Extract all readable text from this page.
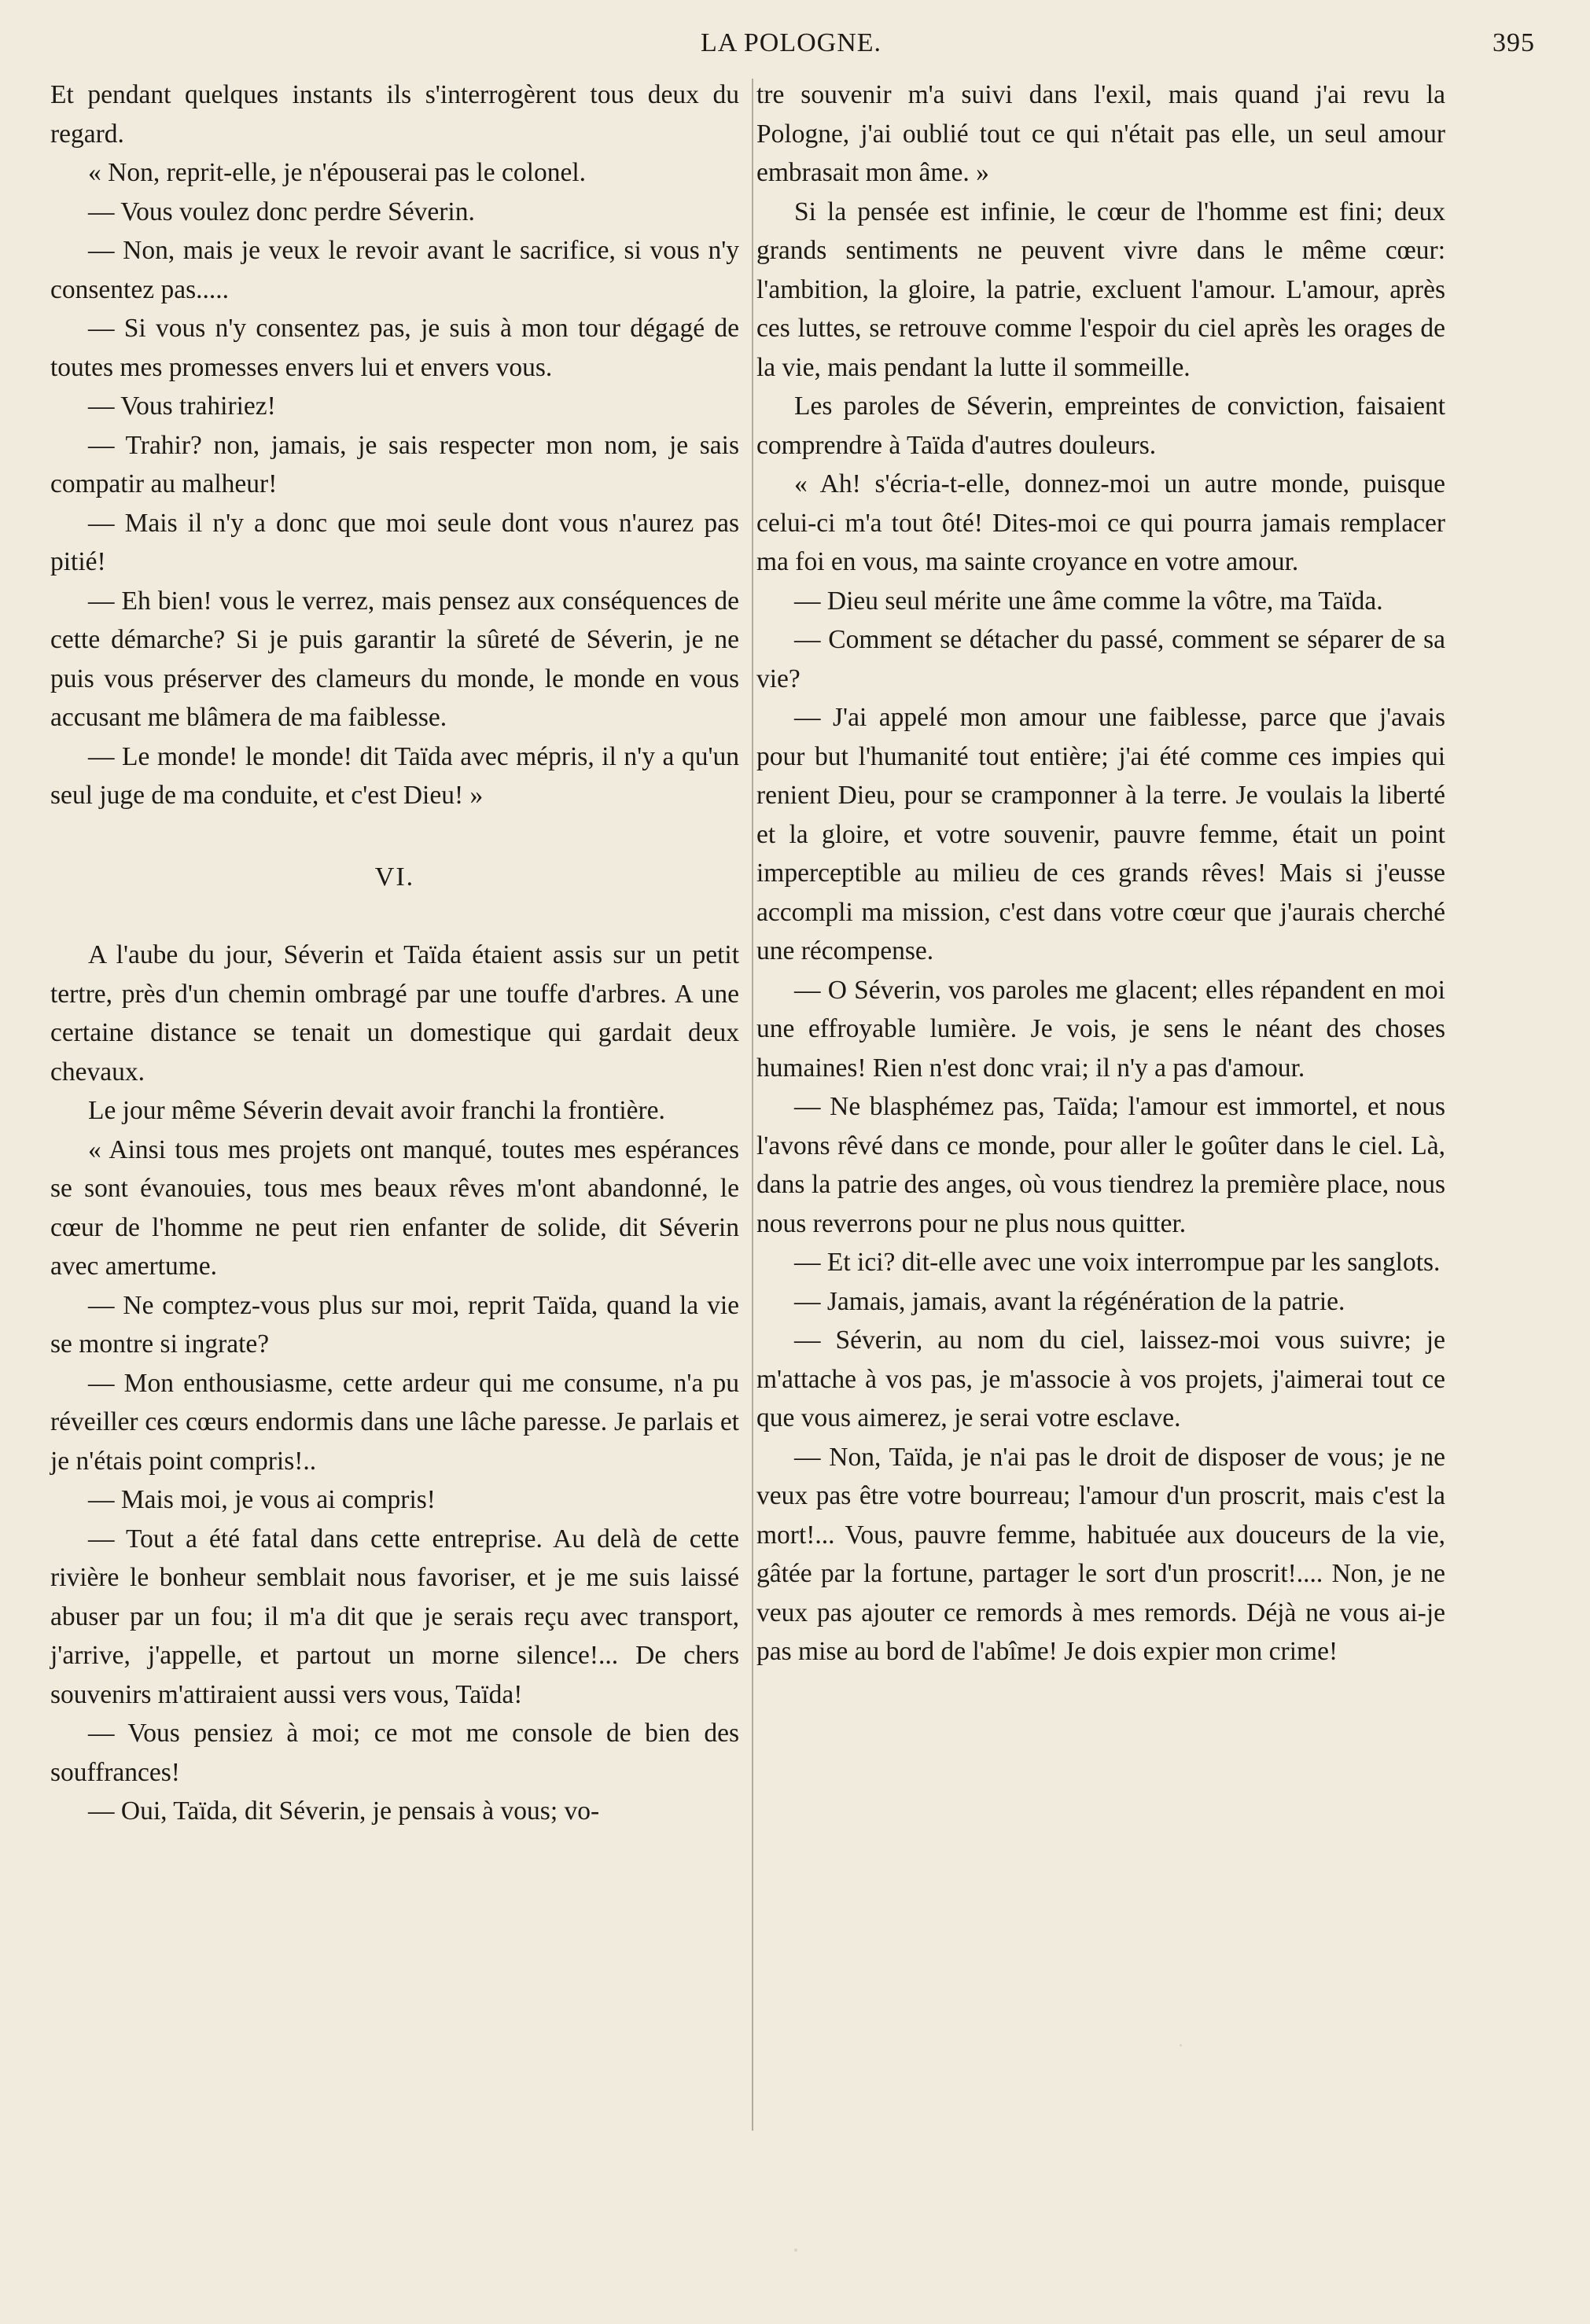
LA POLOGNE.	395

Et pendant quelques instants ils s'interrogèrent tous deux du regard.

« Non, reprit-elle, je n'épouserai pas le colonel.

— Vous voulez donc perdre Séverin.

— Non, mais je veux le revoir avant le sacrifice, si vous n'y consentez pas.....

— Si vous n'y consentez pas, je suis à mon tour dégagé de toutes mes promesses envers lui et envers vous.

— Vous trahiriez!

— Trahir? non, jamais, je sais respecter mon nom, je sais compatir au malheur!

— Mais il n'y a donc que moi seule dont vous n'aurez pas pitié!

— Eh bien! vous le verrez, mais pensez aux conséquences de cette démarche? Si je puis garantir la sûreté de Séverin, je ne puis vous préserver des clameurs du monde, le monde en vous accusant me blâmera de ma faiblesse.

— Le monde! le monde! dit Taïda avec mépris, il n'y a qu'un seul juge de ma conduite, et c'est Dieu! »

VI.

A l'aube du jour, Séverin et Taïda étaient assis sur un petit tertre, près d'un chemin ombragé par une touffe d'arbres. A une certaine distance se tenait un domestique qui gardait deux chevaux.

Le jour même Séverin devait avoir franchi la frontière.

« Ainsi tous mes projets ont manqué, toutes mes espérances se sont évanouies, tous mes beaux rêves m'ont abandonné, le cœur de l'homme ne peut rien enfanter de solide, dit Séverin avec amertume.

— Ne comptez-vous plus sur moi, reprit Taïda, quand la vie se montre si ingrate?

— Mon enthousiasme, cette ardeur qui me consume, n'a pu réveiller ces cœurs endormis dans une lâche paresse. Je parlais et je n'étais point compris!..

— Mais moi, je vous ai compris!

— Tout a été fatal dans cette entreprise. Au delà de cette rivière le bonheur semblait nous favoriser, et je me suis laissé abuser par un fou; il m'a dit que je serais reçu avec transport, j'arrive, j'appelle, et partout un morne silence!... De chers souvenirs m'attiraient aussi vers vous, Taïda!

— Vous pensiez à moi; ce mot me console de bien des souffrances!

— Oui, Taïda, dit Séverin, je pensais à vous; vo-

tre souvenir m'a suivi dans l'exil, mais quand j'ai revu la Pologne, j'ai oublié tout ce qui n'était pas elle, un seul amour embrasait mon âme. »

Si la pensée est infinie, le cœur de l'homme est fini; deux grands sentiments ne peuvent vivre dans le même cœur: l'ambition, la gloire, la patrie, excluent l'amour. L'amour, après ces luttes, se retrouve comme l'espoir du ciel après les orages de la vie, mais pendant la lutte il sommeille.

Les paroles de Séverin, empreintes de conviction, faisaient comprendre à Taïda d'autres douleurs.

« Ah! s'écria-t-elle, donnez-moi un autre monde, puisque celui-ci m'a tout ôté! Dites-moi ce qui pourra jamais remplacer ma foi en vous, ma sainte croyance en votre amour.

— Dieu seul mérite une âme comme la vôtre, ma Taïda.

— Comment se détacher du passé, comment se séparer de sa vie?

— J'ai appelé mon amour une faiblesse, parce que j'avais pour but l'humanité tout entière; j'ai été comme ces impies qui renient Dieu, pour se cramponner à la terre. Je voulais la liberté et la gloire, et votre souvenir, pauvre femme, était un point imperceptible au milieu de ces grands rêves! Mais si j'eusse accompli ma mission, c'est dans votre cœur que j'aurais cherché une récompense.

— O Séverin, vos paroles me glacent; elles répandent en moi une effroyable lumière. Je vois, je sens le néant des choses humaines! Rien n'est donc vrai; il n'y a pas d'amour.

— Ne blasphémez pas, Taïda; l'amour est immortel, et nous l'avons rêvé dans ce monde, pour aller le goûter dans le ciel. Là, dans la patrie des anges, où vous tiendrez la première place, nous nous reverrons pour ne plus nous quitter.

— Et ici? dit-elle avec une voix interrompue par les sanglots.

— Jamais, jamais, avant la régénération de la patrie.

— Séverin, au nom du ciel, laissez-moi vous suivre; je m'attache à vos pas, je m'associe à vos projets, j'aimerai tout ce que vous aimerez, je serai votre esclave.

— Non, Taïda, je n'ai pas le droit de disposer de vous; je ne veux pas être votre bourreau; l'amour d'un proscrit, mais c'est la mort!... Vous, pauvre femme, habituée aux douceurs de la vie, gâtée par la fortune, partager le sort d'un proscrit!.... Non, je ne veux pas ajouter ce remords à mes remords. Déjà ne vous ai-je pas mise au bord de l'abîme! Je dois expier mon crime!
